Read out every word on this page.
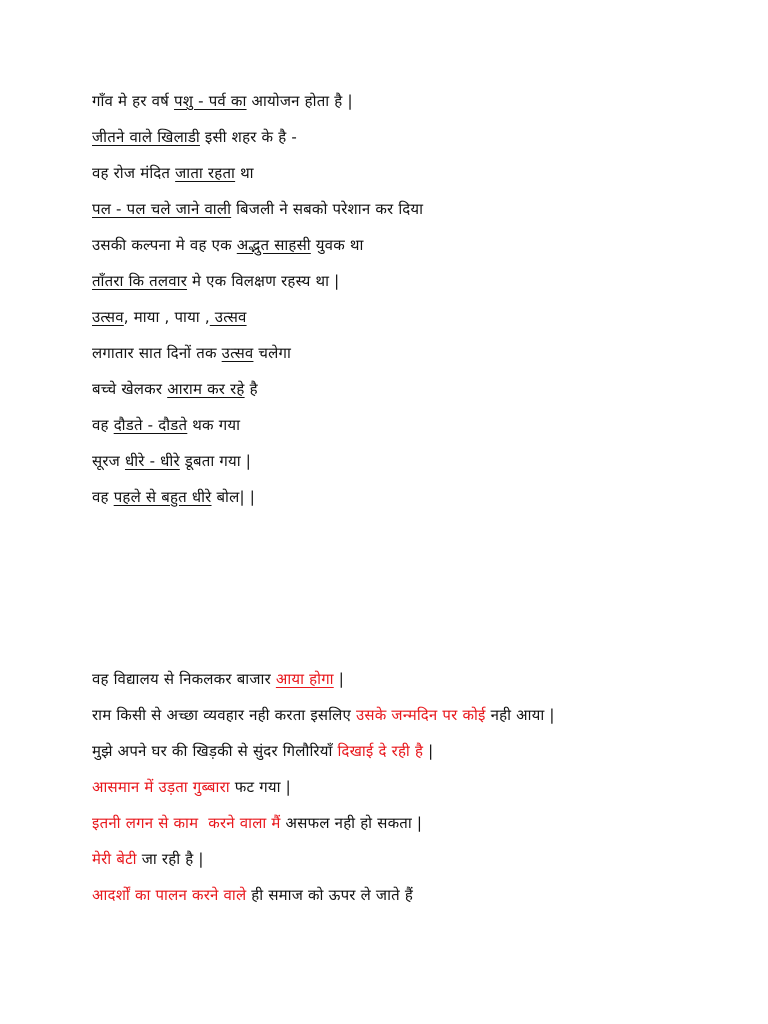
गाँव मे हर वर्ष पशु - पर्व का आयोजन होता है |
जीतने वाले खिलाडी इसी शहर के है -
वह रोज मंदित जाता रहता था
पल - पल चले जाने वाली बिजली ने सबको परेशान कर दिया
उसकी कल्पना मे वह एक अद्भुत साहसी युवक था
ताँतरा कि तलवार मे एक विलक्षण रहस्य था |
उत्सव, माया , पाया , उत्सव
लगातार सात दिनों तक उत्सव चलेगा
बच्चे खेलकर आराम कर रहे है
वह दौडते - दौडते थक गया
सूरज धीरे - धीरे डूबता गया |
वह पहले से बहुत धीरे बोल| |
वह विद्यालय से निकलकर बाजार आया होगा |
राम किसी से अच्छा व्यवहार नही करता इसलिए उसके जन्मदिन पर कोई नही आया |
मुझे अपने घर की खिड़की से सुंदर गिलौरियाँ दिखाई दे रही है |
आसमान में उड़ता गुब्बारा फट गया |
इतनी लगन से काम  करने वाला मैं असफल नही हो सकता |
मेरी बेटी जा रही है |
आदर्शों का पालन करने वाले ही समाज को ऊपर ले जाते हैं
